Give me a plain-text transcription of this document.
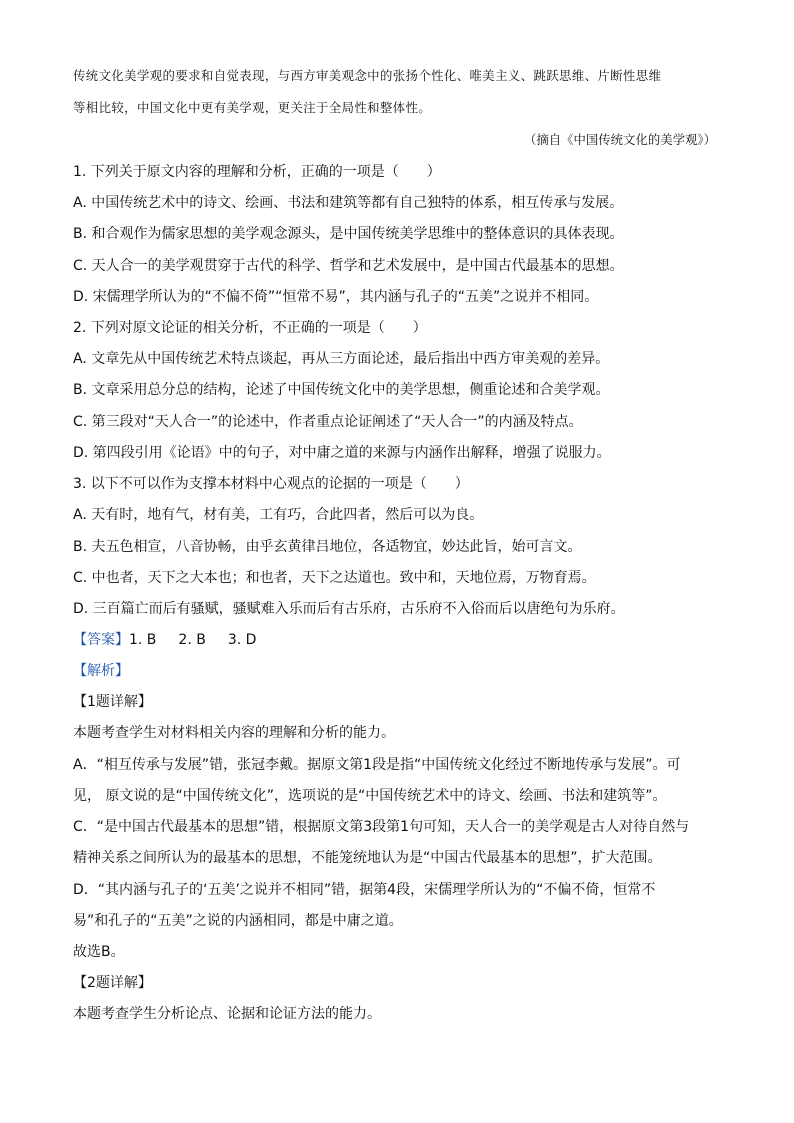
传统文化美学观的要求和自觉表现，与西方审美观念中的张扬个性化、唯美主义、跳跃思维、片断性思维
等相比较，中国文化中更有美学观，更关注于全局性和整体性。
（摘自《中国传统文化的美学观》）
1. 下列关于原文内容的理解和分析，正确的一项是（　　）
A. 中国传统艺术中的诗文、绘画、书法和建筑等都有自己独特的体系，相互传承与发展。
B. 和合观作为儒家思想的美学观念源头，是中国传统美学思维中的整体意识的具体表现。
C. 天人合一的美学观贯穿于古代的科学、哲学和艺术发展中，是中国古代最基本的思想。
D. 宋儒理学所认为的“不偏不倚”“恒常不易”，其内涵与孔子的“五美”之说并不相同。
2. 下列对原文论证的相关分析，不正确的一项是（　　）
A. 文章先从中国传统艺术特点谈起，再从三方面论述，最后指出中西方审美观的差异。
B. 文章采用总分总的结构，论述了中国传统文化中的美学思想，侧重论述和合美学观。
C. 第三段对“天人合一”的论述中，作者重点论证阐述了“天人合一”的内涵及特点。
D. 第四段引用《论语》中的句子，对中庸之道的来源与内涵作出解释，增强了说服力。
3. 以下不可以作为支撑本材料中心观点的论据的一项是（　　）
A. 天有时，地有气，材有美，工有巧，合此四者，然后可以为良。
B. 夫五色相宣，八音协畅，由乎玄黄律吕地位，各适物宜，妙达此旨，始可言文。
C. 中也者，天下之大本也；和也者，天下之达道也。致中和，天地位焉，万物育焉。
D. 三百篇亡而后有骚赋，骚赋难入乐而后有古乐府，古乐府不入俗而后以唐绝句为乐府。
【答案】1. B 2. B 3. D
【解析】
【1题详解】
本题考查学生对材料相关内容的理解和分析的能力。
A．“相互传承与发展”错，张冠李戴。据原文第1段是指“中国传统文化经过不断地传承与发展”。可
见， 原文说的是“中国传统文化”，选项说的是“中国传统艺术中的诗文、绘画、书法和建筑等”。
C．“是中国古代最基本的思想”错，根据原文第3段第1句可知，天人合一的美学观是古人对待自然与
精神关系之间所认为的最基本的思想，不能笼统地认为是“中国古代最基本的思想”，扩大范围。
D．“其内涵与孔子的‘五美’之说并不相同”错，据第4段，宋儒理学所认为的“不偏不倚，恒常不
易”和孔子的“五美”之说的内涵相同，都是中庸之道。
故选B。
【2题详解】
本题考查学生分析论点、论据和论证方法的能力。
